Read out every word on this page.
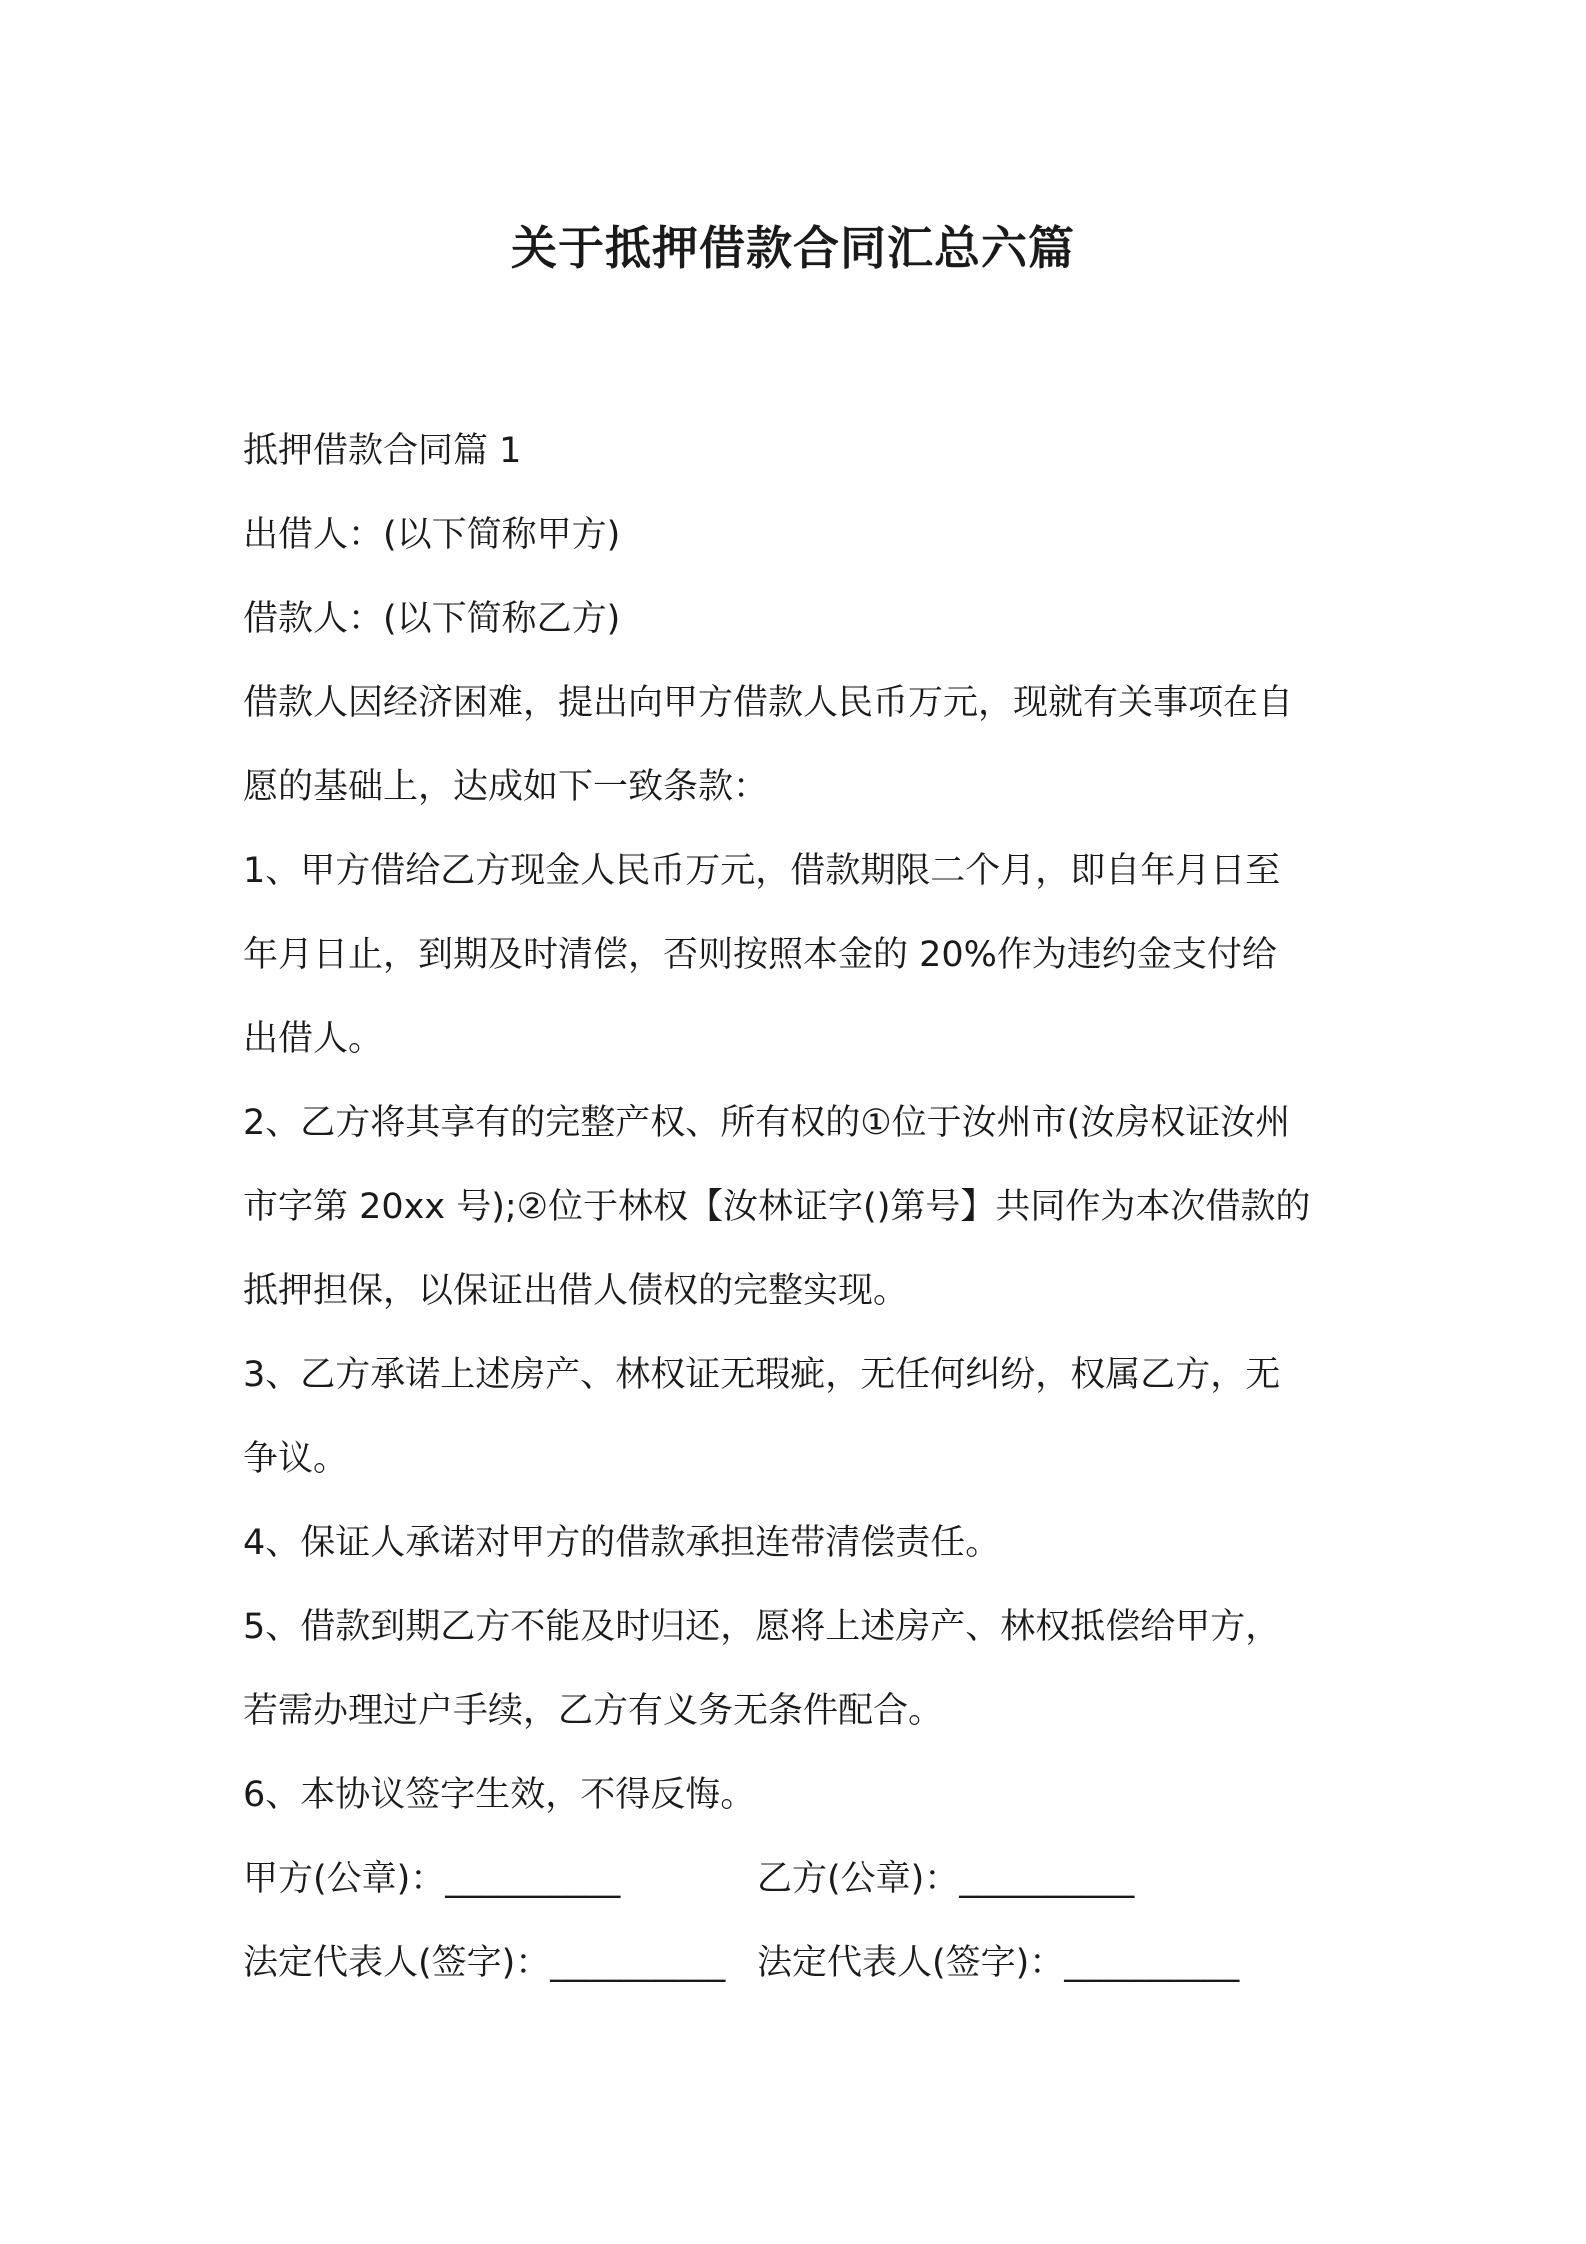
关于抵押借款合同汇总六篇
抵押借款合同篇 1
出借人：(以下简称甲方)
借款人：(以下简称乙方)
借款人因经济困难，提出向甲方借款人民币万元，现就有关事项在自
愿的基础上，达成如下一致条款：
1、甲方借给乙方现金人民币万元，借款期限二个月，即自年月日至
年月日止，到期及时清偿，否则按照本金的 20%作为违约金支付给
出借人。
2、乙方将其享有的完整产权、所有权的①位于汝州市(汝房权证汝州
市字第 20xx 号);②位于林权【汝林证字()第号】共同作为本次借款的
抵押担保，以保证出借人债权的完整实现。
3、乙方承诺上述房产、林权证无瑕疵，无任何纠纷，权属乙方，无
争议。
4、保证人承诺对甲方的借款承担连带清偿责任。
5、借款到期乙方不能及时归还，愿将上述房产、林权抵偿给甲方，
若需办理过户手续，乙方有义务无条件配合。
6、本协议签字生效，不得反悔。
甲方(公章)：__________	乙方(公章)：__________
法定代表人(签字)：__________ 法定代表人(签字)：__________
